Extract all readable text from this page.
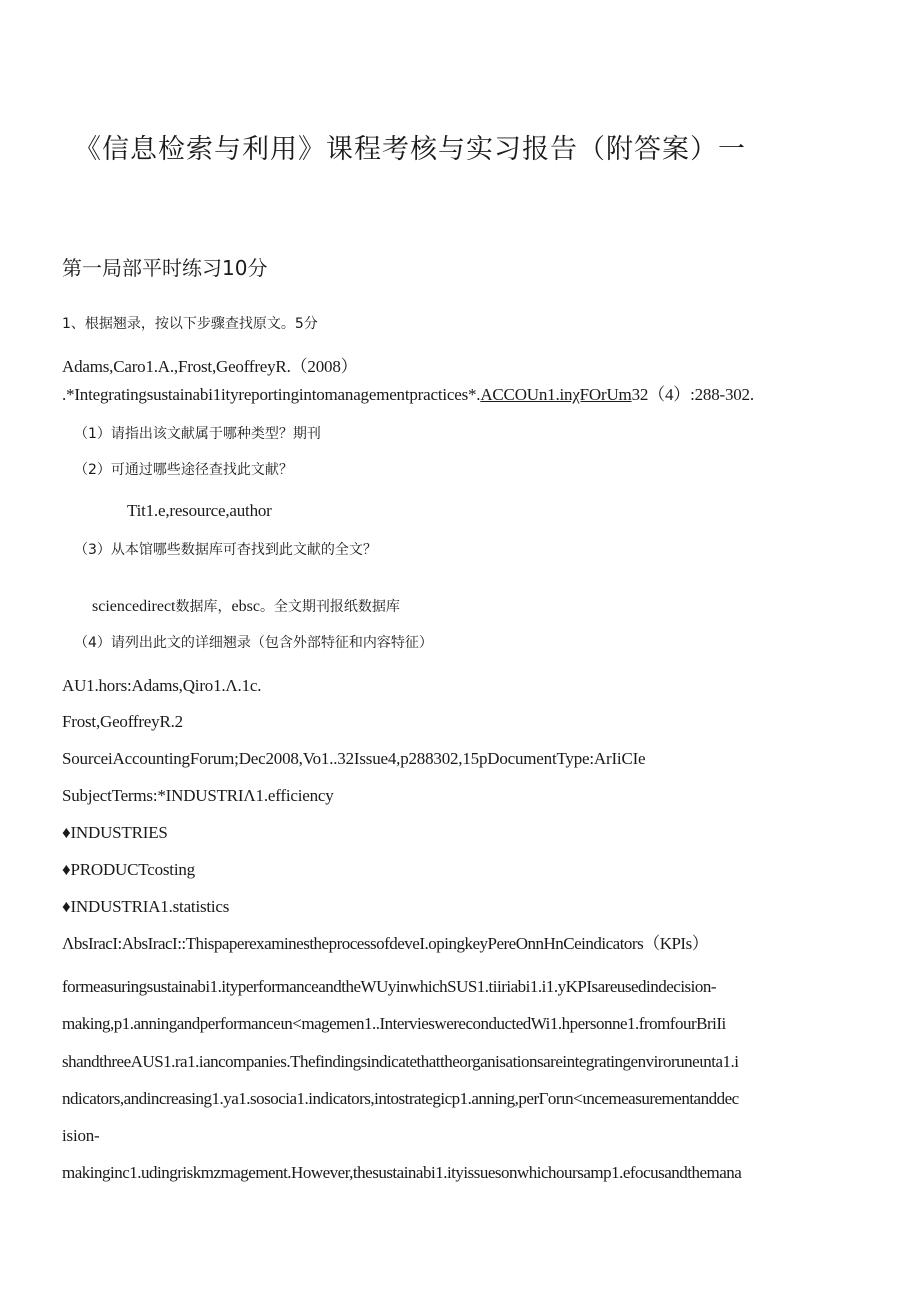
《信息检索与利用》课程考核与实习报告（附答案）一
第一局部平时练习10分
1、根据翘录，按以下步骤查找原文。5分
Adams,Caro1.A.,Frost,GeoffreyR.（2008）
.*Integratingsustainabi1ityreportingintomanagementpractices*.ACCOUn1.inχFOrUm32（4）:288-302.
（1）请指出该文献属于哪种类型？期刊
（2）可通过哪些途径查找此文献？
Tit1.e,resource,author
（3）从本馆哪些数据库可杳找到此文献的全文？
sciencedirect数据库，ebsc。全文期刊报纸数据库
（4）请列出此文的详细翘录（包含外部特征和内容特征）
AU1.hors:Adams,Qiro1.Λ.1c.
Frost,GeoffreyR.2
SourceiAccountingForum;Dec2008,Vo1..32Issue4,p288302,15pDocumentType:ArIiCIe
SubjectTerms:*INDUSTRIΛ1.efficiency
♦INDUSTRIES
♦PRODUCTcosting
♦INDUSTRIA1.statistics
ΛbsIracI:AbsIracI::ThispaperexaminestheprocessofdeveI.opingkeyPereOnnHnCeindicators（KPIs）
formeasuringsustainabi1.ityperformanceandtheWUyinwhichSUS1.tiiriabi1.i1.yKPIsareusedindecision-
making,p1.anningandperformanceιn<magemen1..IntervieswereconductedWi1.hpersonne1.fromfourBriIi
shandthreeAUS1.ra1.iancompanies.Thefindingsindicatethattheorganisationsareintegratingenviroruneιnta1.i
ndicators,andincreasing1.ya1.sosocia1.indicators,intostrategicp1.anning,perΓorιn<ιncemeasurementanddec
ision-
makinginc1.udingriskmzmagement.However,thesustainabi1.ityissuesonwhichoursamp1.efocusandthemana
